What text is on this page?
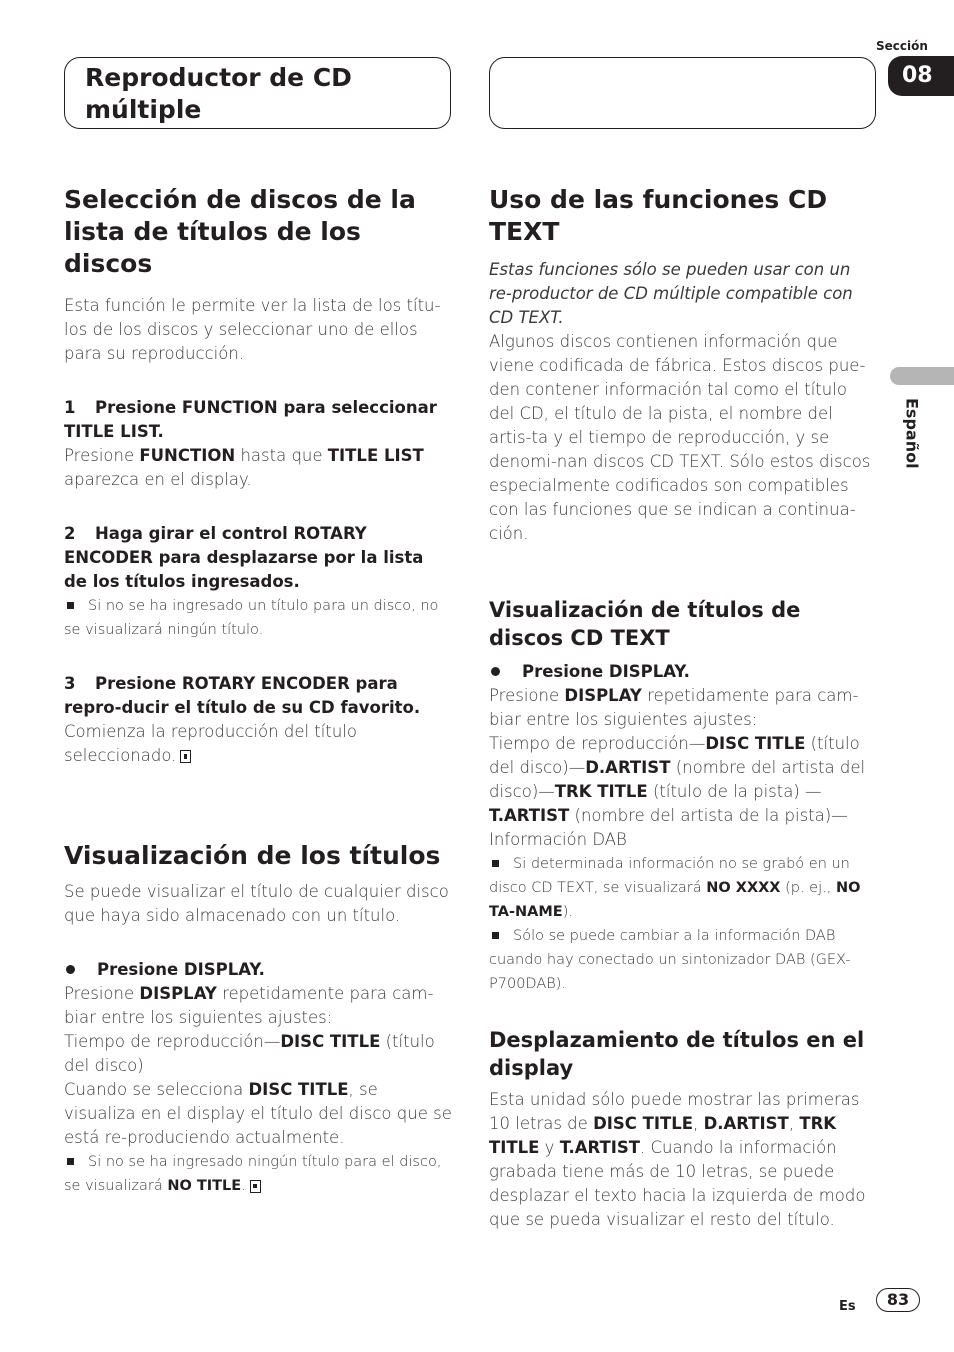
Reproductor de CD múltiple
Sección
08
Español
Selección de discos de la lista de títulos de los discos

Esta función le permite ver la lista de los títu-los de los discos y seleccionar uno de ellos para su reproducción.

1 Presione FUNCTION para seleccionar TITLE LIST.

Presione FUNCTION hasta que TITLE LIST aparezca en el display.

2 Haga girar el control ROTARY ENCODER para desplazarse por la lista de los títulos ingresados.

Si no se ha ingresado un título para un disco, no se visualizará ningún título.

3 Presione ROTARY ENCODER para repro-ducir el título de su CD favorito.

Comienza la reproducción del título seleccionado.

Visualización de los títulos

Se puede visualizar el título de cualquier disco que haya sido almacenado con un título.

Presione DISPLAY.

Presione DISPLAY repetidamente para cam-biar entre los siguientes ajustes:

Tiempo de reproducción—DISC TITLE (título del disco)

Cuando se selecciona DISC TITLE, se visualiza en el display el título del disco que se está re-produciendo actualmente.

Si no se ha ingresado ningún título para el disco, se visualizará NO TITLE.

Uso de las funciones CD TEXT

Estas funciones sólo se pueden usar con un re-productor de CD múltiple compatible con CD TEXT.

Algunos discos contienen información que viene codificada de fábrica. Estos discos pue-den contener información tal como el título del CD, el título de la pista, el nombre del artis-ta y el tiempo de reproducción, y se denomi-nan discos CD TEXT. Sólo estos discos especialmente codificados son compatibles con las funciones que se indican a continua-ción.

Visualización de títulos de discos CD TEXT

Presione DISPLAY.

Presione DISPLAY repetidamente para cam-biar entre los siguientes ajustes:

Tiempo de reproducción—DISC TITLE (título del disco)—D.ARTIST (nombre del artista del disco)—TRK TITLE (título de la pista) —T.ARTIST (nombre del artista de la pista)— Información DAB

Si determinada información no se grabó en un disco CD TEXT, se visualizará NO XXXX (p. ej., NO TA-NAME).

Sólo se puede cambiar a la información DAB cuando hay conectado un sintonizador DAB (GEX-P700DAB).

Desplazamiento de títulos en el display

Esta unidad sólo puede mostrar las primeras 10 letras de DISC TITLE, D.ARTIST, TRK TITLE y T.ARTIST. Cuando la información grabada tiene más de 10 letras, se puede desplazar el texto hacia la izquierda de modo que se pueda visualizar el resto del título.

Es	83
